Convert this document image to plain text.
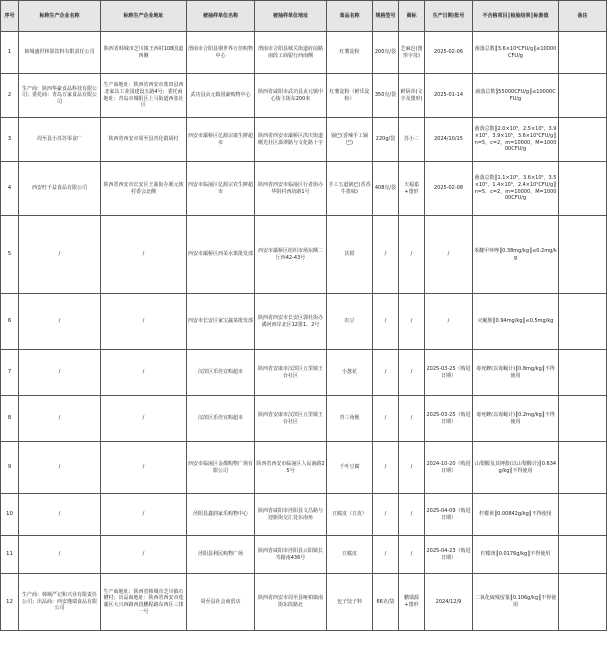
序号	标称生产企业名称	标称生产企业地址	被抽样单位名称	被抽样单位地址	食品名称	规格型号	商标	生产日期/批号	不合格项目║检验结果║标准值	备注
1	韩城盛世林果饮料有限责任公司	陕西省韩城市芝川镇王西村108国道西侧	渭南市合阳县钢世界万佳购物中心	渭南市合阳县城关街道府前路南段工商银行西南侧	红薯淀粉	200克/袋	芝麻邑(图形字母)	2025-02-06	菌落总数║3.6×10⁴CFU/g║≤10000CFU/g	
2	生产商：陕西华豪食品科技有限公司；委托商：青岛万家食品有限公司	生产商地址：陕西省西安市蓝田县西北家具工业园建设五路4号；委托商地址：青岛市城阳区上马街道西张社区	武功县贞元镇国豪购物中心	陕西省咸阳市武功县贞元镇中心街主街东200米	红薯淀粉（鲜乐淀粉）	350克/袋	鲜厨帝(文字及图形)	2025-01-14	菌落总数║55000CFU/g║≤10000CFU/g	
3	周至县小苏苏零食厂	陕西省西安市周至县青化镇胡村	西安市灞桥区亿源宗康生鲜超市	陕西省西安市灞桥区洪庆街道曙光社区翡翠路与文化路十字	锅巴(香辣手工锅巴)	220g/袋	苏小二	2024/10/15	菌落总数║2.0×10⁵，2.5×10⁵，3.9×10⁵，3.9×10⁵，3.6×10⁵CFU/g║n=5，c=2，m=10000，M=100000CFU/g	
4	西安旺千益食品有限公司	陕西省西安市长安区王曲街办栗元坡村委会北侧	西安市临潼区亿源宗农生鲜超市	陕西省西安市临潼区行者街办华阴村西坊路1号	手工五道锅巴(香香牛排味)	408克/袋	天福嘉+图形	2025-02-08	菌落总数║1.1×10⁵，3.6×10⁵，3.5×10⁵，1.4×10⁵，2.4×10⁵CFU/g║n=5，c=2，m=10000，M=100000CFU/g	
5	/	/	西安市灞桥区西茉水果批发部	西安市灞桥区纺织市场东侧二厅西42-43号	沃柑	/	/	/	苯醚甲环唑║0.38mg/kg║≤0.2mg/kg	
6	/	/	西安市长安区家宝蔬菜批发部	陕西省西安市长安区郭杜街办潏河西岸北区12排1、2号	豇豆	/	/	/	灭蝇胺║0.94mg/kg║≤0.5mg/kg	
7	/	/	汉滨区乐佳宜购超市	陕西省安康市汉滨区五里镇王台社区	小葱花	/	/	2025-03-25（购进日期）	毒死蜱(以毒蝇计)║0.8mg/kg║不得使用	
8	/	/	汉滨区乐佳宜购超市	陕西省安康市汉滨区五里镇王台社区	青三角梗	/	/	2025-03-25（购进日期）	毒死蜱(以毒蝇计)║0.2mg/kg║不得使用	
9	/	/	西安市临潼区金都购物广场有限公司	陕西省西安市临潼区人民南路25号	千叶豆腐	/	/	2024-10-20（购进日期）	山梨酸及其钾盐(以山梨酸计)║0.634g/kg║不得使用	
10	/	/	泾阳县鑫润家乐购物中心	陕西省咸阳市泾阳县文昌路与迎新街交汇处东南角	豆腐皮（豆皮）	/	/	2025-04-09（购进日期）	柠檬黄║0.00842g/kg║不得使用	
11	/	/	泾阳县利民购物广场	陕西省咸阳市泾阳县云阳镇长寿路南436号	豆腐皮	/	/	2025-04-23（购进日期）	柠檬黄║0.0176g/kg║不得使用	
12	生产商：韩城严记和兴业有限责任公司；出品商：西安瑾瑞食品有限公司	生产商地址：陕西省韩城市芝川镇石槽村；出品商地址：陕西省西安市莲湖区大兴西路西段鹏程路东西区三排一号	周至县社会商贸店	陕西省西安市周至县哑柏镇南街东段路北	包子饺子料	66克/袋	鹏瑞源+图形	2024/12/9	二氧化硫残留量║0.106g/kg║不得使用	
